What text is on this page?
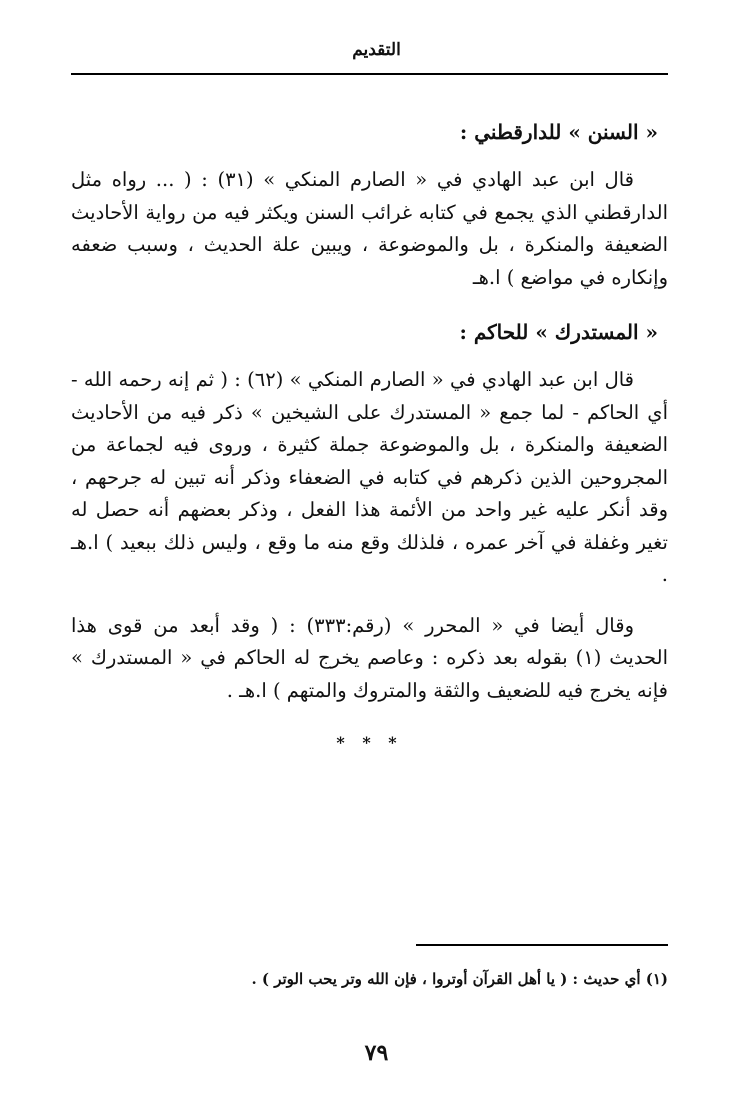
التقديم
« السنن » للدارقطني :

قال ابن عبد الهادي في « الصارم المنكي » (٣١) : ( ... رواه مثل الدارقطني الذي يجمع في كتابه غرائب السنن ويكثر فيه من رواية الأحاديث الضعيفة والمنكرة ، بل والموضوعة ، ويبين علة الحديث ، وسبب ضعفه وإنكاره في مواضع ) ا.هـ

« المستدرك » للحاكم :

قال ابن عبد الهادي في « الصارم المنكي » (٦٢) : ( ثم إنه رحمه الله - أي الحاكم - لما جمع « المستدرك على الشيخين » ذكر فيه من الأحاديث الضعيفة والمنكرة ، بل والموضوعة جملة كثيرة ، وروى فيه لجماعة من المجروحين الذين ذكرهم في كتابه في الضعفاء وذكر أنه تبين له جرحهم ، وقد أنكر عليه غير واحد من الأئمة هذا الفعل ، وذكر بعضهم أنه حصل له تغير وغفلة في آخر عمره ، فلذلك وقع منه ما وقع ، وليس ذلك ببعيد ) ا.هـ .

وقال أيضا في « المحرر » (رقم:٣٣٣) : ( وقد أبعد من قوى هذا الحديث (١) بقوله بعد ذكره : وعاصم يخرج له الحاكم في « المستدرك » فإنه يخرج فيه للضعيف والثقة والمتروك والمتهم ) ا.هـ .

* * *
(١) أي حديث : ( يا أهل القرآن أوتروا ، فإن الله وتر يحب الوتر ) .
٧٩
